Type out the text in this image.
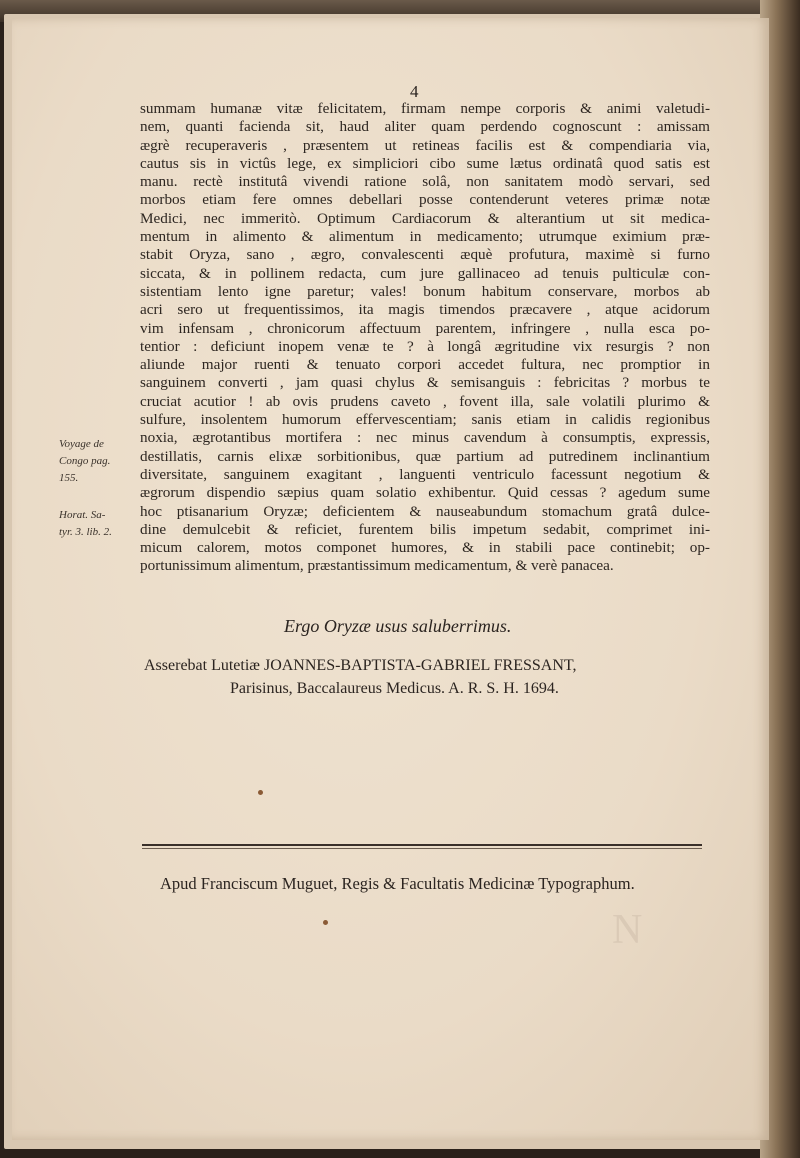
4
Voyage de
Congo pag.
155.
Horat. Sa-
tyr. 3. lib. 2.
summam humanæ vitæ felicitatem, firmam nempe corporis & animi valetudi-
nem, quanti facienda sit, haud aliter quam perdendo cognoscunt : amissam
ægrè recuperaveris , præsentem ut retineas facilis est & compendiaria via,
cautus sis in victûs lege, ex simpliciori cibo sume lætus ordinatâ quod satis est
manu. rectè institutâ vivendi ratione solâ, non sanitatem modò servari, sed
morbos etiam fere omnes debellari posse contenderunt veteres primæ notæ
Medici, nec immeritò. Optimum Cardiacorum & alterantium ut sit medica-
mentum in alimento & alimentum in medicamento; utrumque eximium præ-
stabit Oryza, sano , ægro, convalescenti æquè profutura, maximè si furno
siccata, & in pollinem redacta, cum jure gallinaceo ad tenuis pulticulæ con-
sistentiam lento igne paretur; vales! bonum habitum conservare, morbos ab
acri sero ut frequentissimos, ita magis timendos præcavere , atque acidorum
vim infensam , chronicorum affectuum parentem, infringere , nulla esca po-
tentior : deficiunt inopem venæ te ? à longâ ægritudine vix resurgis ? non
aliunde major ruenti & tenuato corpori accedet fultura, nec promptior in
sanguinem converti , jam quasi chylus & semisanguis : febricitas ? morbus te
cruciat acutior ! ab ovis prudens caveto , fovent illa, sale volatili plurimo &
sulfure, insolentem humorum effervescentiam; sanis etiam in calidis regionibus
noxia, ægrotantibus mortifera : nec minus cavendum à consumptis, expressis,
destillatis, carnis elixæ sorbitionibus, quæ partium ad putredinem inclinantium
diversitate, sanguinem exagitant , languenti ventriculo facessunt negotium &
ægrorum dispendio sæpius quam solatio exhibentur. Quid cessas ? agedum sume
hoc ptisanarium Oryzæ; deficientem & nauseabundum stomachum gratâ dulce-
dine demulcebit & reficiet, furentem bilis impetum sedabit, comprimet ini-
micum calorem, motos componet humores, & in stabili pace continebit; op-
portunissimum alimentum, præstantissimum medicamentum, & verè panacea.
Ergo Oryzæ usus saluberrimus.
Asserebat Lutetiæ JOANNES-BAPTISTA-GABRIEL FRESSANT,
Parisinus, Baccalaureus Medicus. A. R. S. H. 1694.
Apud Franciscum Muguet, Regis & Facultatis Medicinæ Typographum.
N
